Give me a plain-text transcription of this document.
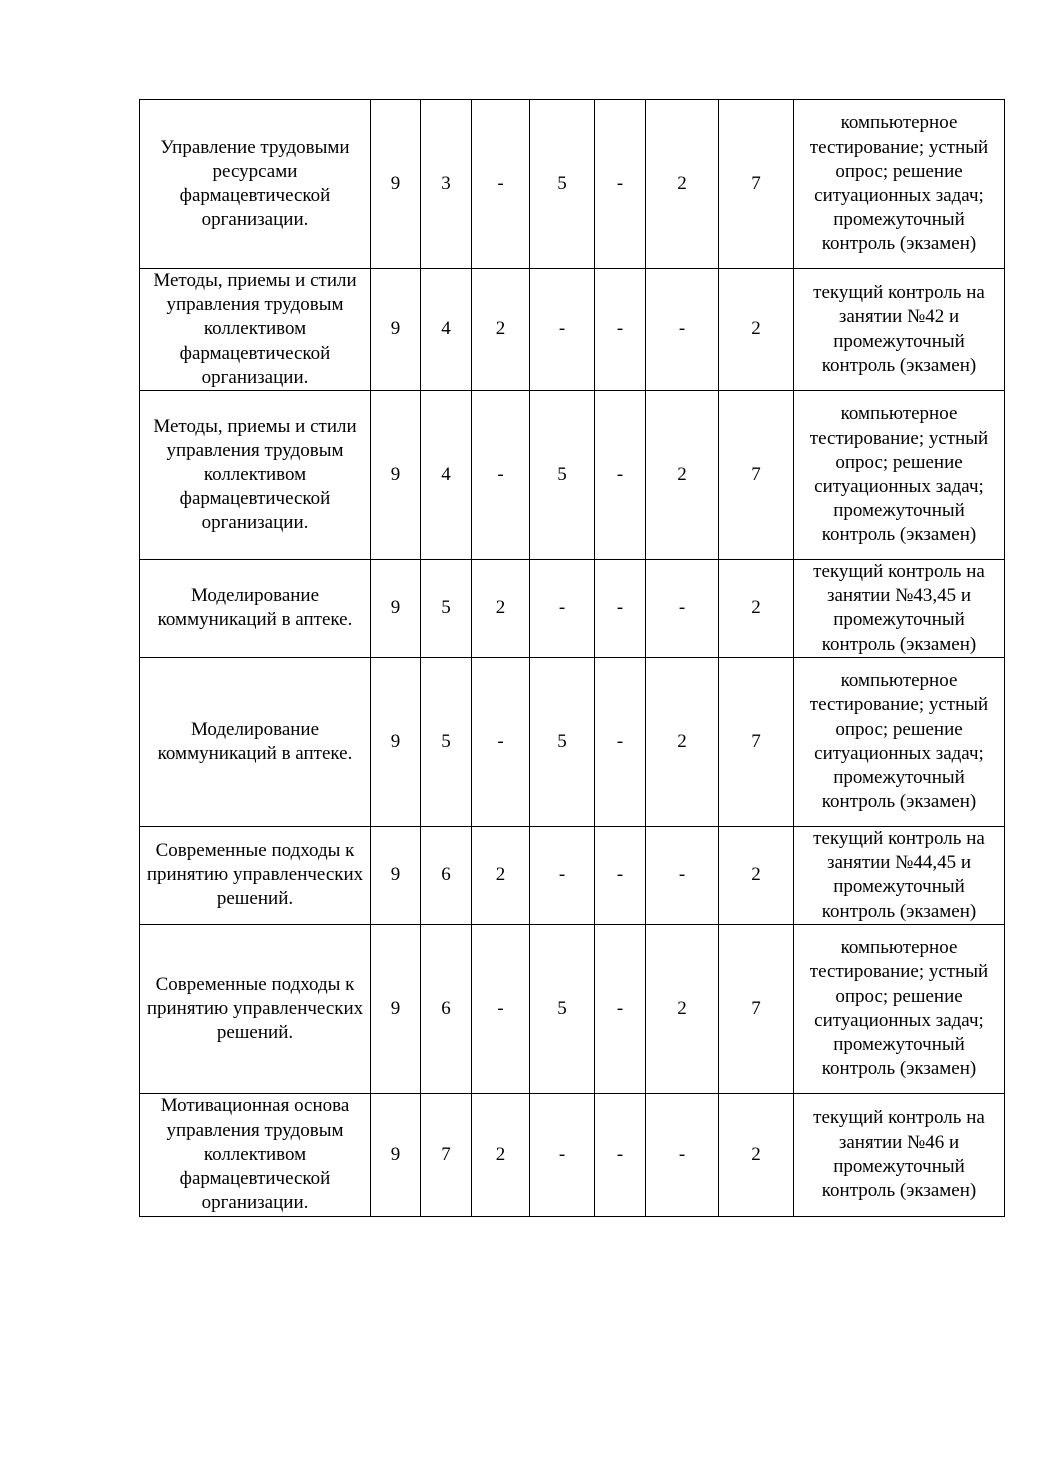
Управление трудовыми ресурсами фармацевтической организации.	9	3	-	5	-	2	7	компьютерное тестирование; устный опрос; решение ситуационных задач; промежуточный контроль (экзамен)

Методы, приемы и стили управления трудовым коллективом фармацевтической организации.	9	4	2	-	-	-	2	текущий контроль на занятии №42 и промежуточный контроль (экзамен)

Методы, приемы и стили управления трудовым коллективом фармацевтической организации.	9	4	-	5	-	2	7	компьютерное тестирование; устный опрос; решение ситуационных задач; промежуточный контроль (экзамен)

Моделирование коммуникаций в аптеке.	9	5	2	-	-	-	2	текущий контроль на занятии №43,45 и промежуточный контроль (экзамен)

Моделирование коммуникаций в аптеке.	9	5	-	5	-	2	7	компьютерное тестирование; устный опрос; решение ситуационных задач; промежуточный контроль (экзамен)

Современные подходы к принятию управленческих решений.	9	6	2	-	-	-	2	текущий контроль на занятии №44,45 и промежуточный контроль (экзамен)

Современные подходы к принятию управленческих решений.	9	6	-	5	-	2	7	компьютерное тестирование; устный опрос; решение ситуационных задач; промежуточный контроль (экзамен)

Мотивационная основа управления трудовым коллективом фармацевтической организации.	9	7	2	-	-	-	2	текущий контроль на занятии №46 и промежуточный контроль (экзамен)
